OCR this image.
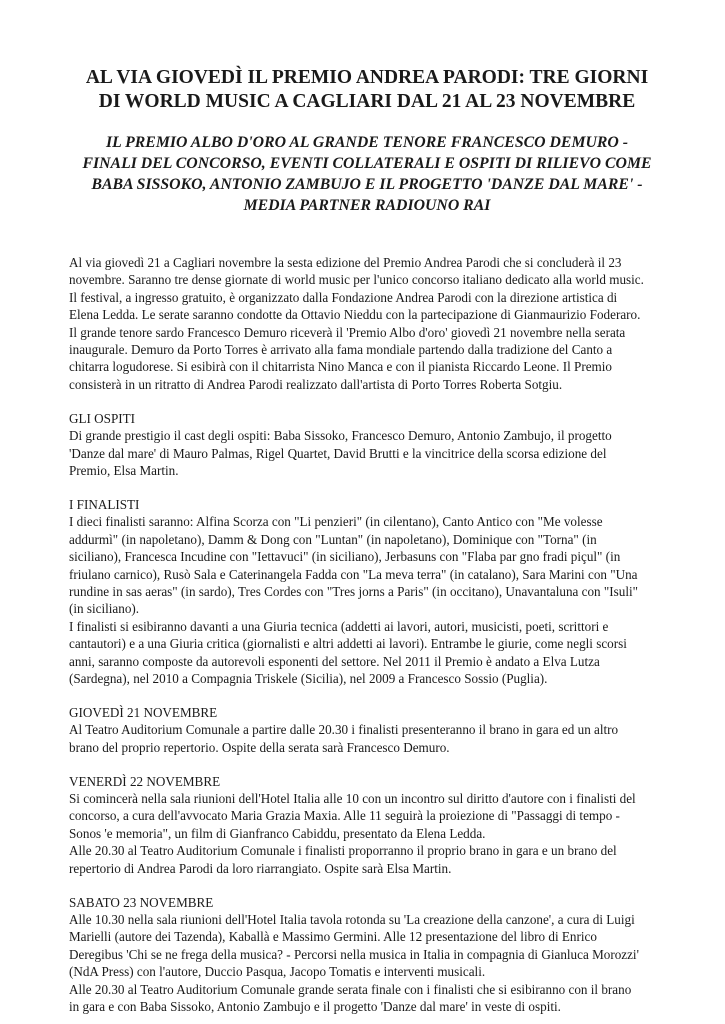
AL VIA GIOVEDÌ IL PREMIO ANDREA PARODI: TRE GIORNI
DI WORLD MUSIC A CAGLIARI DAL 21 AL 23 NOVEMBRE
IL PREMIO ALBO D'ORO AL GRANDE TENORE FRANCESCO DEMURO -
FINALI DEL CONCORSO, EVENTI COLLATERALI E OSPITI DI RILIEVO COME
BABA SISSOKO, ANTONIO ZAMBUJO E IL PROGETTO 'DANZE DAL MARE' -
MEDIA PARTNER RADIOUNO RAI

Al via giovedì 21 a Cagliari novembre la sesta edizione del Premio Andrea Parodi che si concluderà il 23

novembre. Saranno tre dense giornate di world music per l'unico concorso italiano dedicato alla world music.

Il festival, a ingresso gratuito, è organizzato dalla Fondazione Andrea Parodi con la direzione artistica di

Elena Ledda. Le serate saranno condotte da Ottavio Nieddu con la partecipazione di Gianmaurizio Foderaro.

Il grande tenore sardo Francesco Demuro riceverà il 'Premio Albo d'oro' giovedì 21 novembre nella serata

inaugurale. Demuro da Porto Torres è arrivato alla fama mondiale partendo dalla tradizione del Canto a

chitarra logudorese. Si esibirà con il chitarrista Nino Manca e con il pianista Riccardo Leone. Il Premio

consisterà in un ritratto di Andrea Parodi realizzato dall'artista di Porto Torres Roberta Sotgiu.

GLI OSPITI

Di grande prestigio il cast degli ospiti: Baba Sissoko, Francesco Demuro, Antonio Zambujo, il progetto

'Danze dal mare' di Mauro Palmas, Rigel Quartet, David Brutti e la vincitrice della scorsa edizione del

Premio, Elsa Martin.

I FINALISTI

I dieci finalisti saranno: Alfina Scorza con "Li penzieri" (in cilentano), Canto Antico con "Me volesse

addurmì" (in napoletano), Damm & Dong con "Luntan" (in napoletano), Dominique con "Torna" (in

siciliano), Francesca Incudine con "Iettavuci" (in siciliano), Jerbasuns con "Flaba par gno fradi piçul" (in

friulano carnico), Rusò Sala e Caterinangela Fadda con "La meva terra" (in catalano), Sara Marini con "Una

rundine in sas aeras" (in sardo), Tres Cordes con "Tres jorns a Paris" (in occitano), Unavantaluna con "Isuli"

(in siciliano).

I finalisti si esibiranno davanti a una Giuria tecnica (addetti ai lavori, autori, musicisti, poeti, scrittori e

cantautori) e a una Giuria critica (giornalisti e altri addetti ai lavori). Entrambe le giurie, come negli scorsi

anni, saranno composte da autorevoli esponenti del settore. Nel 2011 il Premio è andato a Elva Lutza

(Sardegna), nel 2010 a Compagnia Triskele (Sicilia), nel 2009 a Francesco Sossio (Puglia).

GIOVEDÌ 21 NOVEMBRE

Al Teatro Auditorium Comunale a partire dalle 20.30 i finalisti presenteranno il brano in gara ed un altro

brano del proprio repertorio. Ospite della serata sarà Francesco Demuro.

VENERDÌ 22 NOVEMBRE

Si comincerà nella sala riunioni dell'Hotel Italia alle 10 con un incontro sul diritto d'autore con i finalisti del

concorso, a cura dell'avvocato Maria Grazia Maxia. Alle 11 seguirà la proiezione di "Passaggi di tempo -

Sonos 'e memoria", un film di Gianfranco Cabiddu, presentato da Elena Ledda.

Alle 20.30 al Teatro Auditorium Comunale i finalisti proporranno il proprio brano in gara e un brano del

repertorio di Andrea Parodi da loro riarrangiato. Ospite sarà Elsa Martin.

SABATO 23 NOVEMBRE

Alle 10.30 nella sala riunioni dell'Hotel Italia tavola rotonda su 'La creazione della canzone', a cura di Luigi

Marielli (autore dei Tazenda), Kaballà e Massimo Germini. Alle 12 presentazione del libro di Enrico

Deregibus 'Chi se ne frega della musica? - Percorsi nella musica in Italia in compagnia di Gianluca Morozzi'

(NdA Press) con l'autore, Duccio Pasqua, Jacopo Tomatis e interventi musicali.

Alle 20.30 al Teatro Auditorium Comunale grande serata finale con i finalisti che si esibiranno con il brano

in gara e con Baba Sissoko, Antonio Zambujo e il progetto 'Danze dal mare' in veste di ospiti.
